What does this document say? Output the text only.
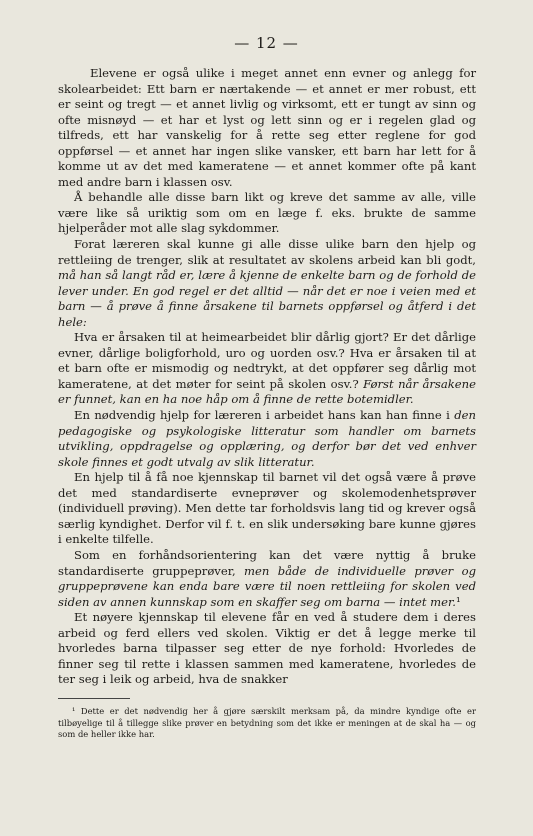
— 12 —

Elevene er også ulike i meget annet enn evner og anlegg for skolearbeidet: Ett barn er nærtakende — et annet er mer robust, ett er seint og tregt — et annet livlig og virksomt, ett er tungt av sinn og ofte misnøyd — et har et lyst og lett sinn og er i regelen glad og tilfreds, ett har vanskelig for å rette seg etter reglene for god oppførsel — et annet har ingen slike vansker, ett barn har lett for å komme ut av det med kameratene — et annet kommer ofte på kant med andre barn i klassen osv.

Å behandle alle disse barn likt og kreve det samme av alle, ville være like så uriktig som om en læge f. eks. brukte de samme hjelperåder mot alle slag sykdommer.

Forat læreren skal kunne gi alle disse ulike barn den hjelp og rettleiing de trenger, slik at resultatet av skolens arbeid kan bli godt, må han så langt råd er, lære å kjenne de enkelte barn og de forhold de lever under. En god regel er det alltid — når det er noe i veien med et barn — å prøve å finne årsakene til barnets oppførsel og åtferd i det hele:

Hva er årsaken til at heimearbeidet blir dårlig gjort? Er det dårlige evner, dårlige boligforhold, uro og uorden osv.? Hva er årsaken til at et barn ofte er mismodig og nedtrykt, at det oppfører seg dårlig mot kameratene, at det møter for seint på skolen osv.? Først når årsakene er funnet, kan en ha noe håp om å finne de rette botemidler.

En nødvendig hjelp for læreren i arbeidet hans kan han finne i den pedagogiske og psykologiske litteratur som handler om barnets utvikling, oppdragelse og opplæring, og derfor bør det ved enhver skole finnes et godt utvalg av slik litteratur.

En hjelp til å få noe kjennskap til barnet vil det også være å prøve det med standardiserte evneprøver og skolemodenhetsprøver (individuell prøving). Men dette tar forholdsvis lang tid og krever også særlig kyndighet. Derfor vil f. t. en slik undersøking bare kunne gjøres i enkelte tilfelle.

Som en forhåndsorientering kan det være nyttig å bruke standardiserte gruppeprøver, men både de individuelle prøver og gruppeprøvene kan enda bare være til noen rettleiing for skolen ved siden av annen kunnskap som en skaffer seg om barna — intet mer.¹

Et nøyere kjennskap til elevene får en ved å studere dem i deres arbeid og ferd ellers ved skolen. Viktig er det å legge merke til hvorledes barna tilpasser seg etter de nye forhold: Hvorledes de finner seg til rette i klassen sammen med kameratene, hvorledes de ter seg i leik og arbeid, hva de snakker

¹ Dette er det nødvendig her å gjøre særskilt merksam på, da mindre kyndige ofte er tilbøyelige til å tillegge slike prøver en betydning som det ikke er meningen at de skal ha — og som de heller ikke har.
